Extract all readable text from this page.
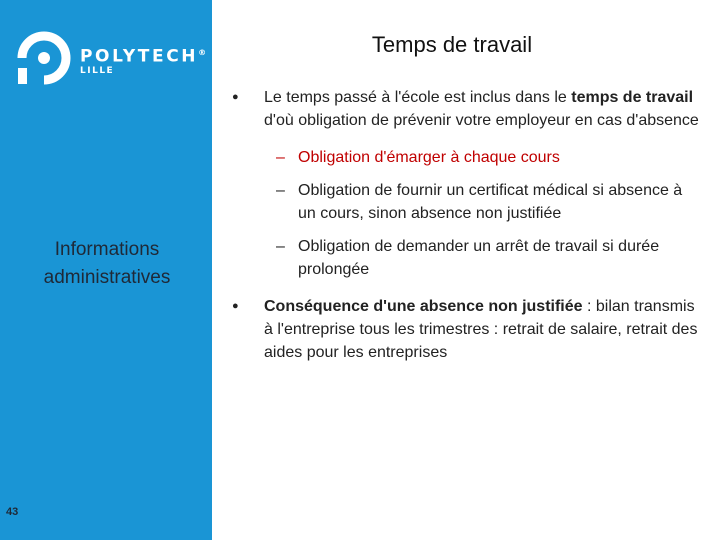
POLYTECH®
LILLE
Informations administratives
43
Temps de travail
● Le temps passé à l'école est inclus dans le temps de travail d'où obligation de prévenir votre employeur en cas d'absence
– Obligation d'émarger à chaque cours
– Obligation de fournir un certificat médical si absence à un cours, sinon absence non justifiée
– Obligation de demander un arrêt de travail si durée prolongée
● Conséquence d'une absence non justifiée : bilan transmis à l'entreprise tous les trimestres : retrait de salaire, retrait des aides pour les entreprises
